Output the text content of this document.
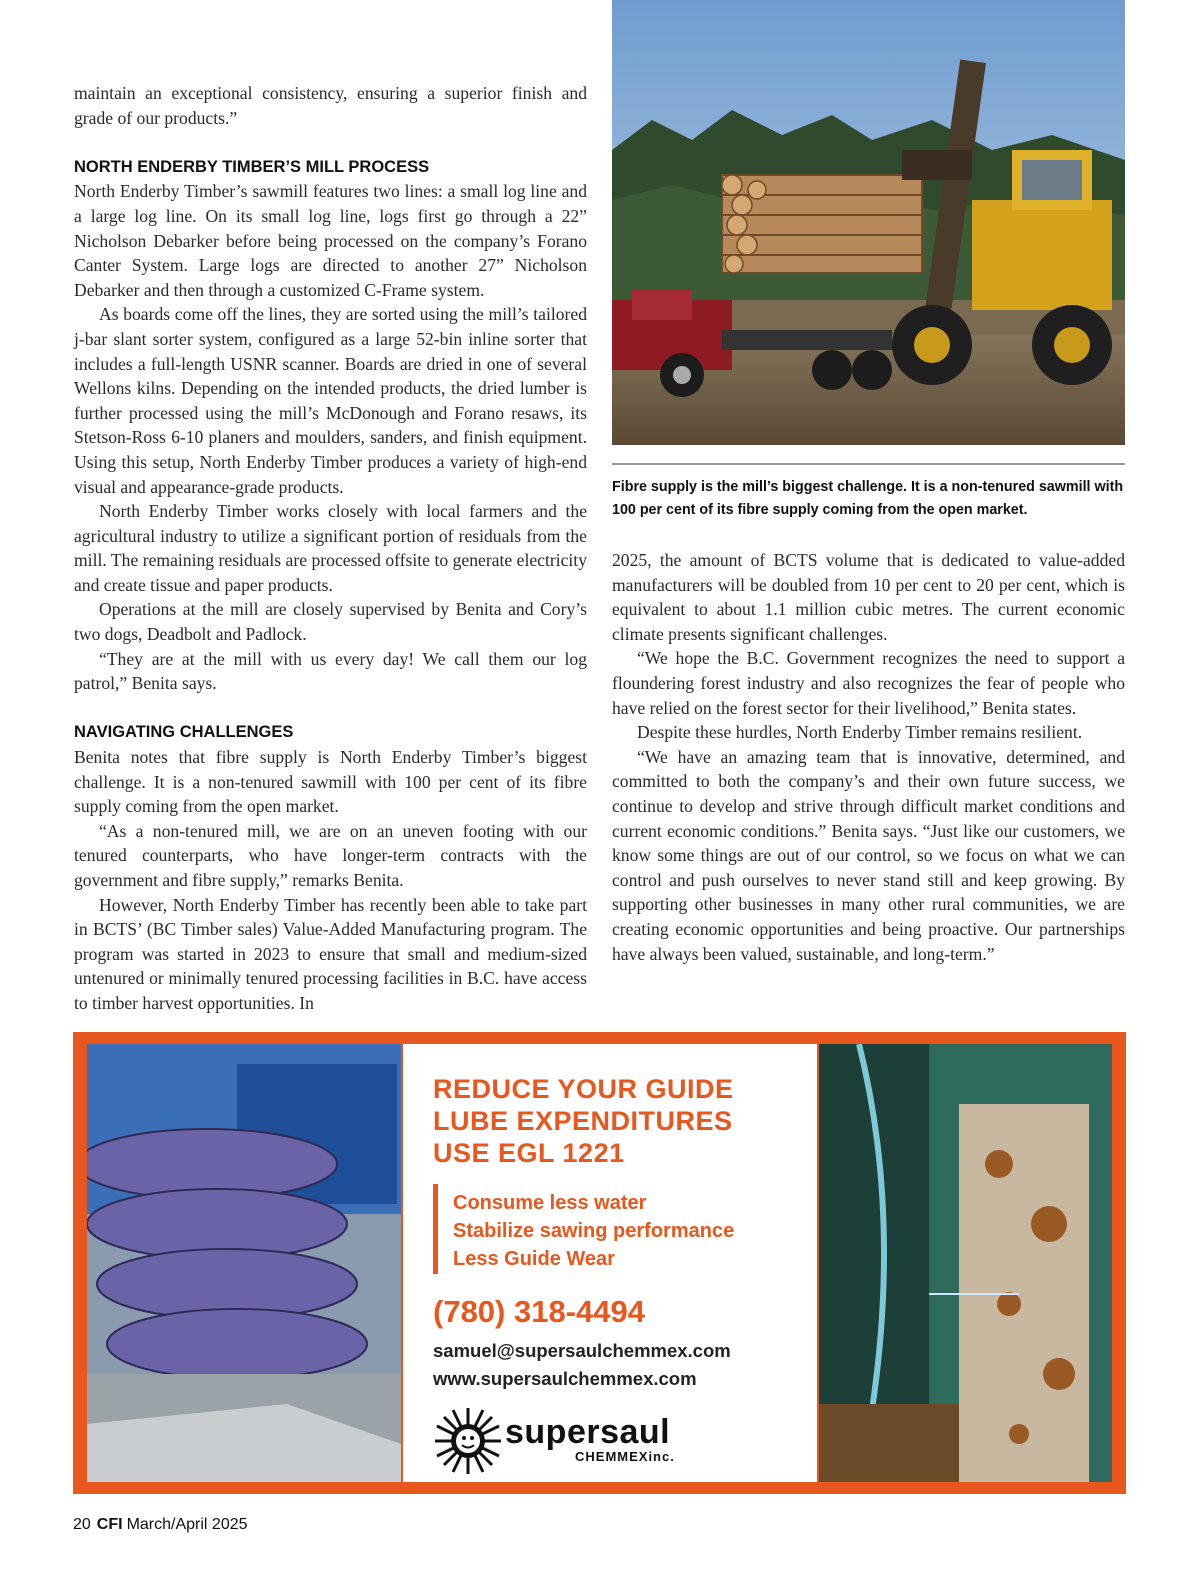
maintain an exceptional consistency, ensuring a superior finish and grade of our products.”

NORTH ENDERBY TIMBER’S MILL PROCESS

North Enderby Timber’s sawmill features two lines: a small log line and a large log line. On its small log line, logs first go through a 22” Nicholson Debarker before being processed on the company’s Forano Canter System. Large logs are directed to another 27” Nicholson Debarker and then through a customized C-Frame system.

As boards come off the lines, they are sorted using the mill’s tailored j-bar slant sorter system, configured as a large 52-bin inline sorter that includes a full-length USNR scanner. Boards are dried in one of several Wellons kilns. Depending on the intended products, the dried lumber is further processed using the mill’s McDonough and Forano resaws, its Stetson-Ross 6-10 planers and moulders, sanders, and finish equipment. Using this setup, North Enderby Timber produces a variety of high-end visual and appearance-grade products.

North Enderby Timber works closely with local farmers and the agricultural industry to utilize a significant portion of residuals from the mill. The remaining residuals are processed offsite to generate electricity and create tissue and paper products.

Operations at the mill are closely supervised by Benita and Cory’s two dogs, Deadbolt and Padlock.

“They are at the mill with us every day! We call them our log patrol,” Benita says.

NAVIGATING CHALLENGES

Benita notes that fibre supply is North Enderby Timber’s biggest challenge. It is a non-tenured sawmill with 100 per cent of its fibre supply coming from the open market.

“As a non-tenured mill, we are on an uneven footing with our tenured counterparts, who have longer-term contracts with the government and fibre supply,” remarks Benita.

However, North Enderby Timber has recently been able to take part in BCTS’ (BC Timber sales) Value-Added Manufacturing program. The program was started in 2023 to ensure that small and medium-sized untenured or minimally tenured processing facilities in B.C. have access to timber harvest opportunities. In

Fibre supply is the mill’s biggest challenge. It is a non-tenured sawmill with 100 per cent of its fibre supply coming from the open market.

2025, the amount of BCTS volume that is dedicated to value-added manufacturers will be doubled from 10 per cent to 20 per cent, which is equivalent to about 1.1 million cubic metres. The current economic climate presents significant challenges.

“We hope the B.C. Government recognizes the need to support a floundering forest industry and also recognizes the fear of people who have relied on the forest sector for their livelihood,” Benita states.

Despite these hurdles, North Enderby Timber remains resilient.

“We have an amazing team that is innovative, determined, and committed to both the company’s and their own future success, we continue to develop and strive through difficult market conditions and current economic conditions.” Benita says. “Just like our customers, we know some things are out of our control, so we focus on what we can control and push ourselves to never stand still and keep growing. By supporting other businesses in many other rural communities, we are creating economic opportunities and being proactive. Our partnerships have always been valued, sustainable, and long-term.”

REDUCE YOUR GUIDE
LUBE EXPENDITURES
USE EGL 1221
Consume less water
Stabilize sawing performance
Less Guide Wear
(780) 318-4494
samuel@supersaulchemmex.com
www.supersaulchemmex.com
supersaul
CHEMMEXinc.
20 CFI March/April 2025
